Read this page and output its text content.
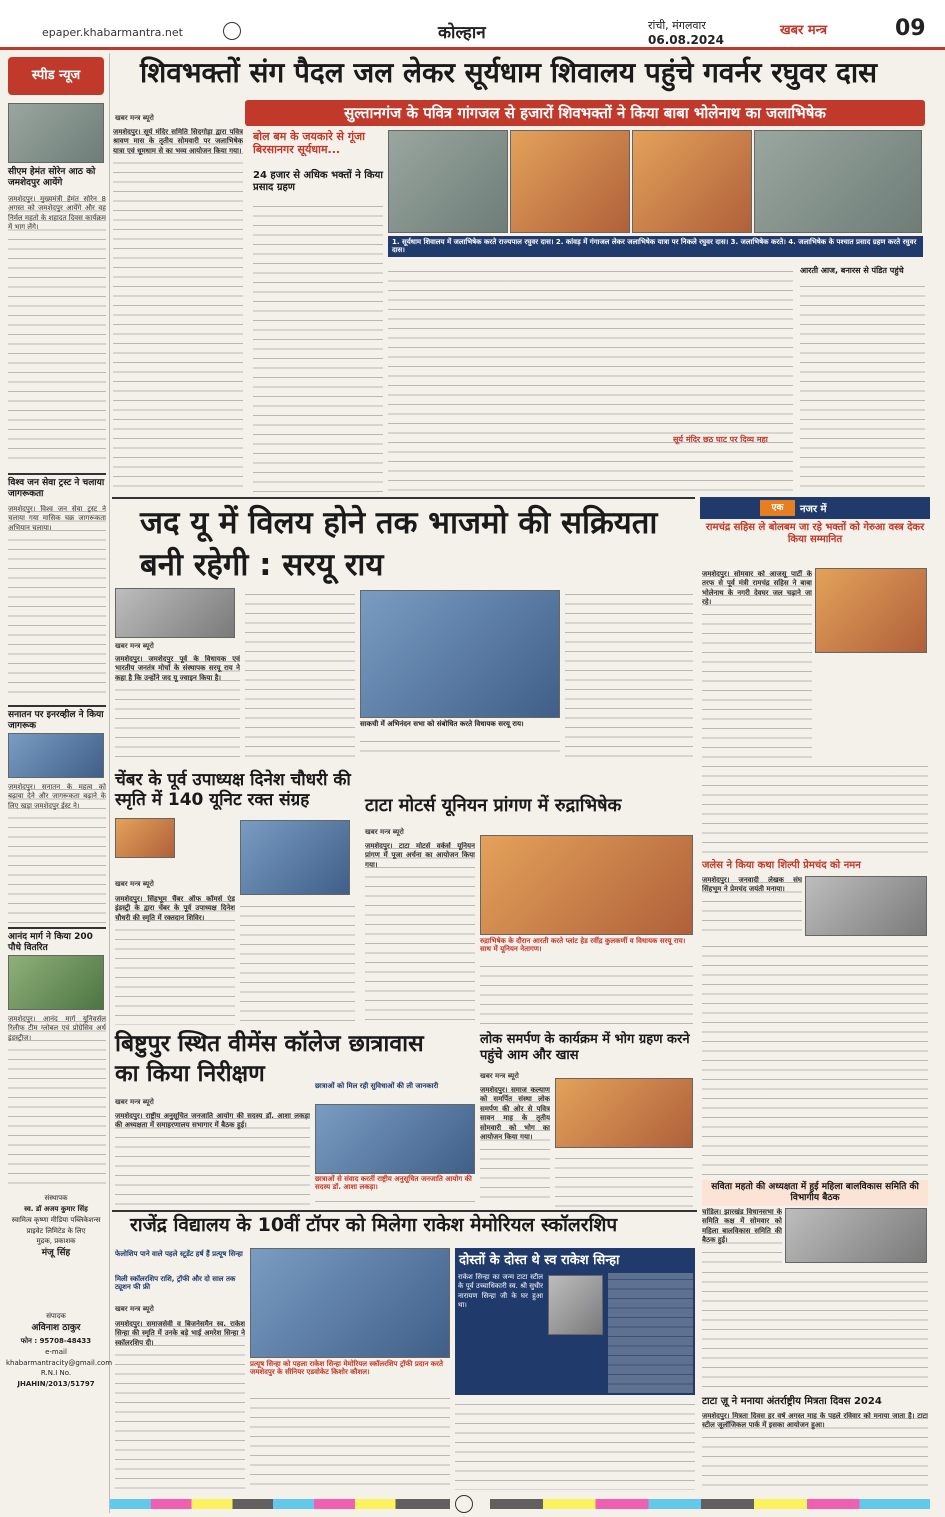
epaper.khabarmantra.net	कोल्हान	रांची, मंगलवार
06.08.2024
खबर मन्त्र	09
स्पीड न्यूज
सीएम हेमंत सोरेन आठ को जमशेदपुर आयेंगे
जमशेदपुर। मुख्यमंत्री हेमंत सोरेन 8 अगस्त को जमशेदपुर आयेंगे और वह निर्मल महतो के शहादत दिवस कार्यक्रम में भाग लेंगे।
विश्व जन सेवा ट्रस्ट ने चलाया जागरूकता
जमशेदपुर। विश्व जन सेवा ट्रस्ट ने चलाया गया मासिक चक्र जागरूकता अभियान चलाया।
सनातन पर इनरव्हील ने किया जागरूक
जमशेदपुर। सनातन के महत्व को बढ़ावा देने और जागरूकता बढ़ाने के लिए खड़ा जमशेदपुर ईस्ट ने।
आनंद मार्ग ने किया 200 पौधे वितरित
जमशेदपुर। आनंद मार्ग यूनिवर्सल रिलीफ टीम ग्लोबल एवं प्रोग्रेसिव अर्थ इंडस्ट्रीज।
संस्थापक
स्व. डॉ अजय कुमार सिंह
स्वामित्व कृष्णा मीडिया पब्लिकेशन्स
प्राइवेट लिमिटेड के लिए
मुद्रक, प्रकाशक
मंजू सिंह
संपादक
अविनाश ठाकुर
फोन : 95708-48433
e-mail
khabarmantracity@gmail.com
R.N.I No.
JHAHIN/2013/51797
शिवभक्तों संग पैदल जल लेकर सूर्यधाम शिवालय पहुंचे गवर्नर रघुवर दास
सुल्तानगंज के पवित्र गांगजल से हजारों शिवभक्तों ने किया बाबा भोलेनाथ का जलाभिषेक
खबर मन्त्र ब्यूरो
जमशेदपुर। सूर्य मंदिर समिति सिदगोड़ा द्वारा पवित्र श्रावण मास के तृतीय सोमवारी पर जलाभिषेक यात्रा एवं धूमधाम से का भव्य आयोजन किया गया।
बोल बम के जयकारे से गूंजा बिरसानगर सूर्यधाम...
24 हजार से अधिक भक्तों ने किया प्रसाद ग्रहण
1. सूर्यधाम शिवालय में जलाभिषेक करते राज्यपाल रघुवर दास। 2. कांवड़ में गंगाजल लेकर जलाभिषेक यात्रा पर निकले रघुवर दास। 3. जलाभिषेक करते। 4. जलाभिषेक के पश्चात प्रसाद ग्रहण करते रघुवर दास।
आरती आज, बनारस से पंडित पहुंचे
सूर्य मंदिर छठ घाट पर दिव्य महा
जद यू में विलय होने तक भाजमो की सक्रियता बनी रहेगी : सरयू राय
खबर मन्त्र ब्यूरो
जमशेदपुर। जमशेदपुर पूर्व के विधायक एवं भारतीय जनतंत्र मोर्चा के संस्थापक सरयू राय ने कहा है कि उन्होंने जद यू ज्वाइन किया है।
साकची में अभिनंदन सभा को संबोधित करते विधायक सरयू राय।
एक	नजर में
रामचंद्र सहिस ले बोलबम जा रहे भक्तों को गेरुआ वस्त्र देकर किया सम्मानित
जमशेदपुर। सोमवार को आजसू पार्टी के तरफ से पूर्व मंत्री रामचंद्र सहिस ने बाबा भोलेनाथ के नगरी देवघर जल चढ़ाने जा रहे।
चेंबर के पूर्व उपाध्यक्ष दिनेश चौधरी की स्मृति में 140 यूनिट रक्त संग्रह
खबर मन्त्र ब्यूरो
जमशेदपुर। सिंहभूम चैंबर ऑफ कॉमर्स एंड इंडस्ट्री के द्वारा चेंबर के पूर्व उपाध्यक्ष दिनेश चौधरी की स्मृति में रक्तदान शिविर।
टाटा मोटर्स यूनियन प्रांगण में रुद्राभिषेक
खबर मन्त्र ब्यूरो
जमशेदपुर। टाटा मोटर्स वर्कर्स यूनियन प्रांगण में पूजा अर्चना का आयोजन किया गया।
रुद्राभिषेक के दौरान आरती करते प्लांट हेड रवींद्र कुलकर्णी व विधायक सरयू राय। साथ में यूनियन नेतागण।
जलेस ने किया कथा शिल्पी प्रेमचंद को नमन
जमशेदपुर। जनवादी लेखक संघ सिंहभूम ने प्रेमचंद जयंती मनाया।
बिष्टुपुर स्थित वीमेंस कॉलेज छात्रावास का किया निरीक्षण	छात्राओं को मिल रही सुविधाओं की ली जानकारी
खबर मन्त्र ब्यूरो
जमशेदपुर। राष्ट्रीय अनुसूचित जनजाति आयोग की सदस्य डॉ. आशा लकड़ा की अध्यक्षता में समाहरणालय सभागार में बैठक हुई।
छात्राओं से संवाद करतीं राष्ट्रीय अनुसूचित जनजाति आयोग की सदस्य डॉ. आशा लकड़ा।
लोक समर्पण के कार्यक्रम में भोग ग्रहण करने पहुंचे आम और खास
खबर मन्त्र ब्यूरो
जमशेदपुर। समाज कल्याण को समर्पित संस्था लोक समर्पण की ओर से पवित्र सावन माह के तृतीय सोमवारी को भोग का आयोजन किया गया।
सविता महतो की अध्यक्षता में हुई महिला बालविकास समिति की विभागीय बैठक
चांडिल। झारखंड विधानसभा के समिति कक्ष में सोमवार को महिला बालविकास समिति की बैठक हुई।
राजेंद्र विद्यालय के 10वीं टॉपर को मिलेगा राकेश मेमोरियल स्कॉलरशिप
फेलोशिप पाने वाले पहले स्टूडेंट हर्ष हैं प्रत्यूष सिन्हा
मिली स्कॉलरशिप राशि, ट्रॉफी और दो साल तक ट्यूशन फी फ्री
खबर मन्त्र ब्यूरो
जमशेदपुर। समाजसेवी व बिजनेसमैन स्व. राकेश सिन्हा की स्मृति में उनके बड़े भाई अमरेश सिन्हा ने स्कॉलरशिप दी।
प्रत्यूष सिन्हा को पहला राकेश सिन्हा मेमोरियल स्कॉलरशिप ट्रॉफी प्रदान करते जमशेदपुर के सीनियर एडवोकेट किशोर कौशल।
दोस्तों के दोस्त थे स्व राकेश सिन्हा
राकेश सिन्हा का जन्म टाटा स्टील के पूर्व उच्चाधिकारी स्व. श्री सुधीर नारायण सिन्हा जी के घर हुआ था।
टाटा ज़ू ने मनाया अंतर्राष्ट्रीय मित्रता दिवस 2024
जमशेदपुर। मित्रता दिवस हर वर्ष अगस्त माह के पहले रविवार को मनाया जाता है। टाटा स्टील जूलॉजिकल पार्क में इसका आयोजन हुआ।
